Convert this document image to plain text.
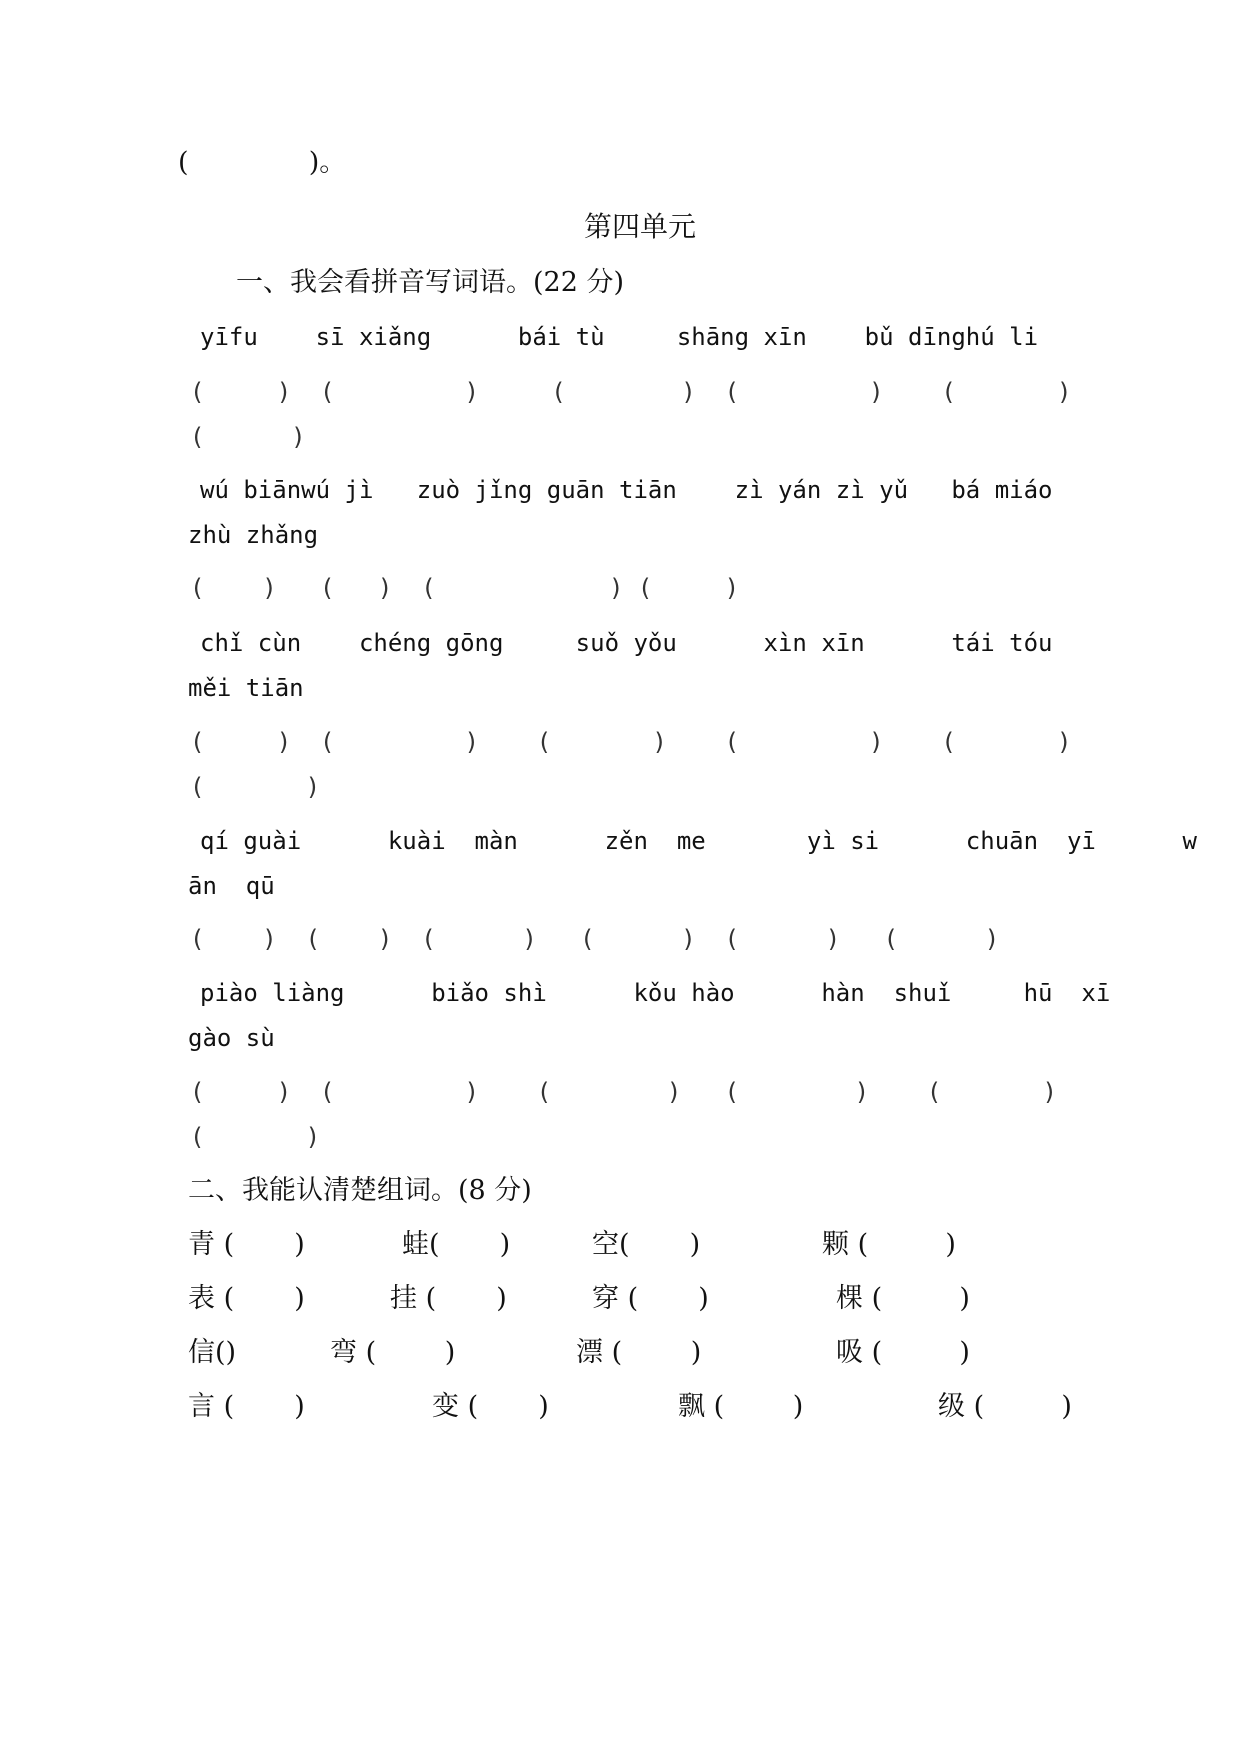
(              )。
第四单元
一、我会看拼音写词语。(22 分)
yīfu    sī xiǎng      bái tù     shāng xīn    bǔ dīnghú li
(     )  (         )     (        )  (         )    (       )
(      )
wú biānwú jì   zuò jǐng guān tiān    zì yán zì yǔ   bá miáo
zhù zhǎng
(    )   (   )  (            ) (     )
chǐ cùn    chéng gōng     suǒ yǒu      xìn xīn      tái tóu
měi tiān
(     )  (         )    (       )    (         )    (       )
(       )
qí guài      kuài  màn      zěn  me       yì si      chuān  yī      w
ān  qū
(    )  (    )  (      )   (      )  (      )   (      )
piào liàng      biǎo shì      kǒu hào      hàn  shuǐ     hū  xī
gào sù
(     )  (         )    (        )   (        )    (       )
(       )
二、我能认清楚组词。(8 分)
青 (       )	蛙(       )	空(       )	颗 (         )
表 (       )	挂 (       )	穿 (       )	棵 (         )
信()	弯 (        )	漂 (        )	吸 (         )
言 (       )	变 (       )	飘 (        )	级 (         )
